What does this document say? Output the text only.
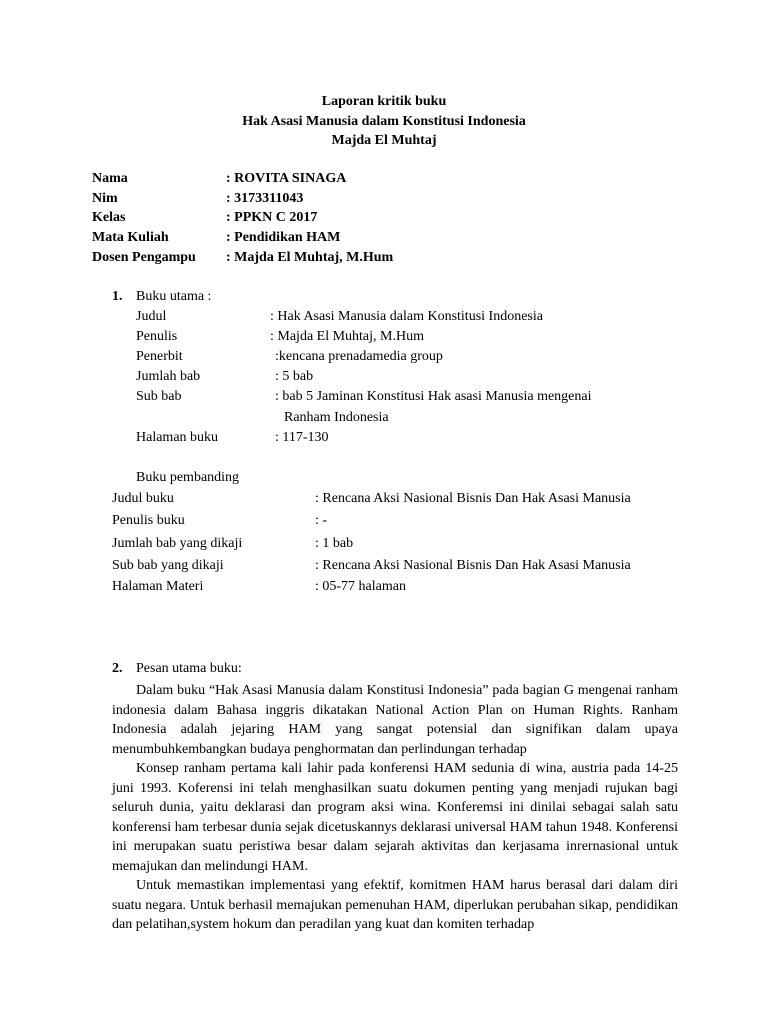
Laporan kritik buku
Hak Asasi Manusia dalam Konstitusi Indonesia
Majda El Muhtaj
Nama	: ROVITA SINAGA
Nim	: 3173311043
Kelas	: PPKN C 2017
Mata Kuliah	: Pendidikan HAM
Dosen Pengampu : Majda El Muhtaj, M.Hum
1. Buku utama :
Judul	: Hak Asasi Manusia dalam Konstitusi Indonesia
Penulis	: Majda El Muhtaj, M.Hum
Penerbit	:kencana prenadamedia group
Jumlah bab	: 5 bab
Sub bab	: bab 5 Jaminan Konstitusi Hak asasi Manusia mengenai
Ranham Indonesia
Halaman buku	: 117-130
Buku pembanding
Judul buku	: Rencana Aksi Nasional Bisnis Dan Hak Asasi Manusia
Penulis buku	: -
Jumlah bab yang dikaji	: 1 bab
Sub bab yang dikaji	: Rencana Aksi Nasional Bisnis Dan Hak Asasi Manusia
Halaman Materi	: 05-77 halaman
2. Pesan utama buku:

Dalam buku “Hak Asasi Manusia dalam Konstitusi Indonesia” pada bagian G mengenai ranham indonesia dalam Bahasa inggris dikatakan National Action Plan on Human Rights. Ranham Indonesia adalah jejaring HAM yang sangat potensial dan signifikan dalam upaya menumbuhkembangkan budaya penghormatan dan perlindungan terhadap

Konsep ranham pertama kali lahir pada konferensi HAM sedunia di wina, austria pada 14-25 juni 1993. Koferensi ini telah menghasilkan suatu dokumen penting yang menjadi rujukan bagi seluruh dunia, yaitu deklarasi dan program aksi wina. Konferemsi ini dinilai sebagai salah satu konferensi ham terbesar dunia sejak dicetuskannys deklarasi universal HAM tahun 1948. Konferensi ini merupakan suatu peristiwa besar dalam sejarah aktivitas dan kerjasama inrernasional untuk memajukan dan melindungi HAM.

Untuk memastikan implementasi yang efektif, komitmen HAM harus berasal dari dalam diri suatu negara. Untuk berhasil memajukan pemenuhan HAM, diperlukan perubahan sikap, pendidikan dan pelatihan,system hokum dan peradilan yang kuat dan komiten terhadap
